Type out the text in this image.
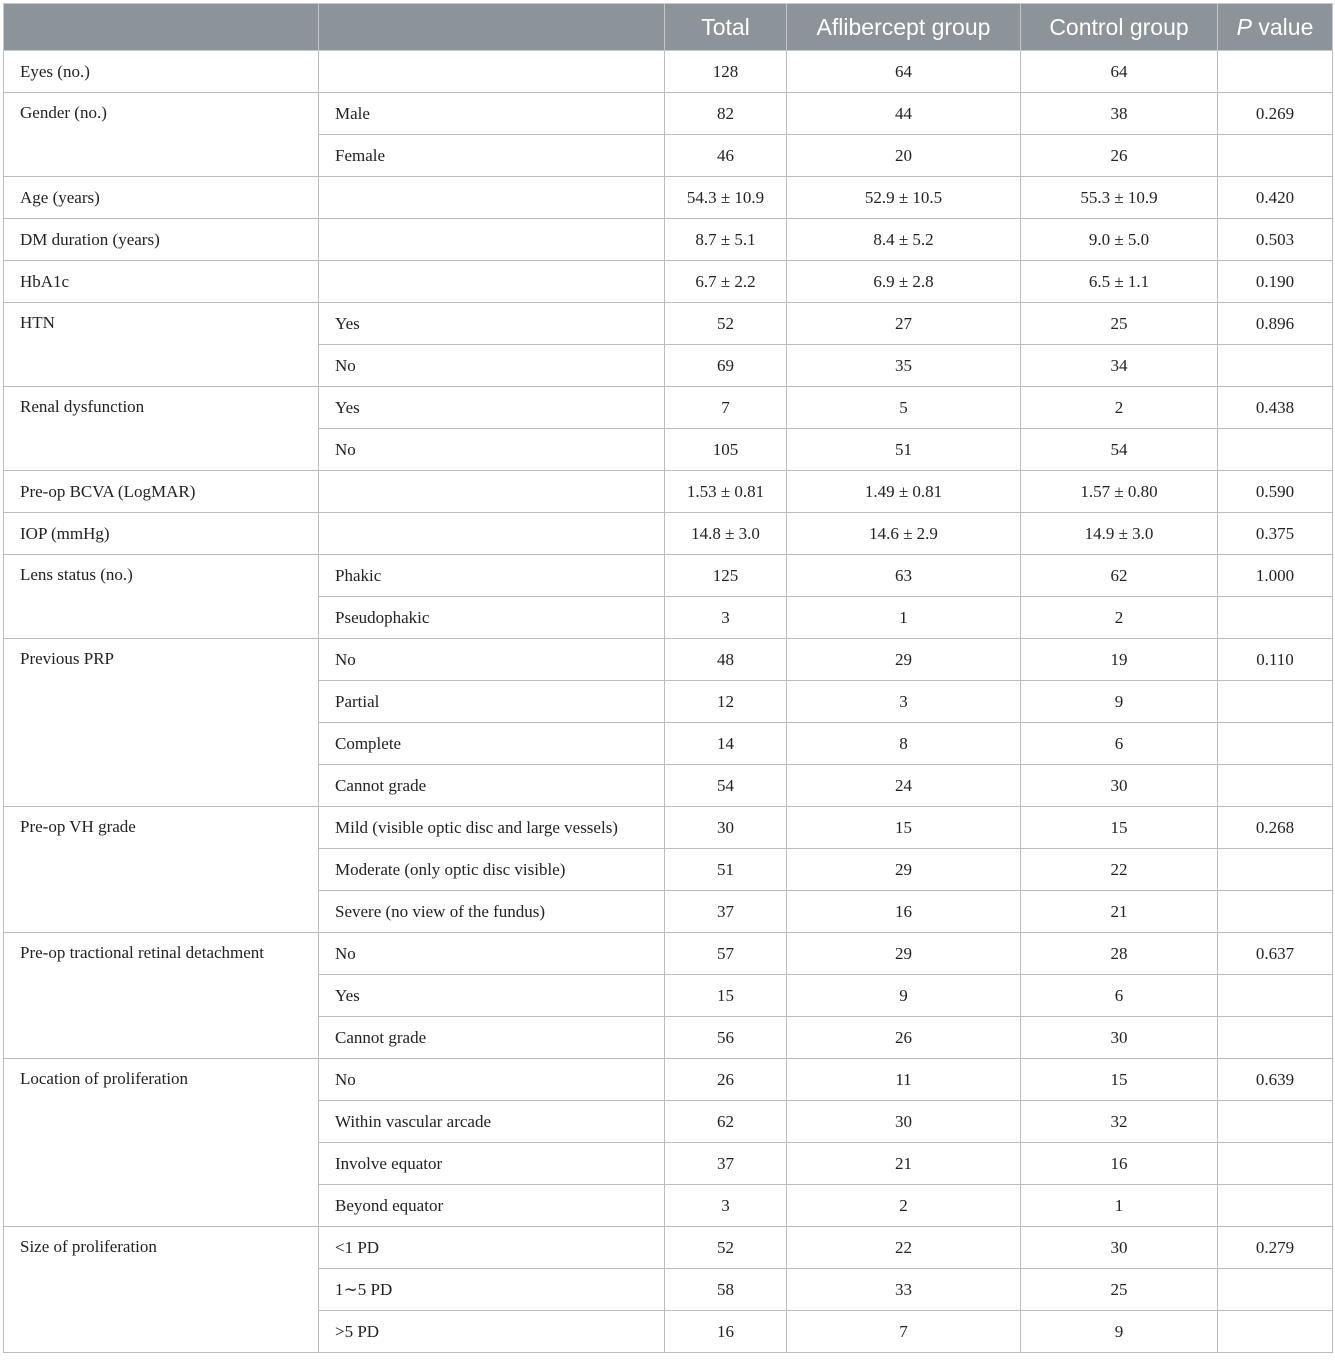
		Total	Aflibercept group	Control group	P value
Eyes (no.)		128	64	64	
Gender (no.)	Male	82	44	38	0.269
	Female	46	20	26	
Age (years)		54.3 ± 10.9	52.9 ± 10.5	55.3 ± 10.9	0.420
DM duration (years)		8.7 ± 5.1	8.4 ± 5.2	9.0 ± 5.0	0.503
HbA1c		6.7 ± 2.2	6.9 ± 2.8	6.5 ± 1.1	0.190
HTN	Yes	52	27	25	0.896
	No	69	35	34	
Renal dysfunction	Yes	7	5	2	0.438
	No	105	51	54	
Pre-op BCVA (LogMAR)		1.53 ± 0.81	1.49 ± 0.81	1.57 ± 0.80	0.590
IOP (mmHg)		14.8 ± 3.0	14.6 ± 2.9	14.9 ± 3.0	0.375
Lens status (no.)	Phakic	125	63	62	1.000
	Pseudophakic	3	1	2	
Previous PRP	No	48	29	19	0.110
	Partial	12	3	9	
	Complete	14	8	6	
	Cannot grade	54	24	30	
Pre-op VH grade	Mild (visible optic disc and large vessels)	30	15	15	0.268
	Moderate (only optic disc visible)	51	29	22	
	Severe (no view of the fundus)	37	16	21	
Pre-op tractional retinal detachment	No	57	29	28	0.637
	Yes	15	9	6	
	Cannot grade	56	26	30	
Location of proliferation	No	26	11	15	0.639
	Within vascular arcade	62	30	32	
	Involve equator	37	21	16	
	Beyond equator	3	2	1	
Size of proliferation	<1 PD	52	22	30	0.279
	1∼5 PD	58	33	25	
	>5 PD	16	7	9	
